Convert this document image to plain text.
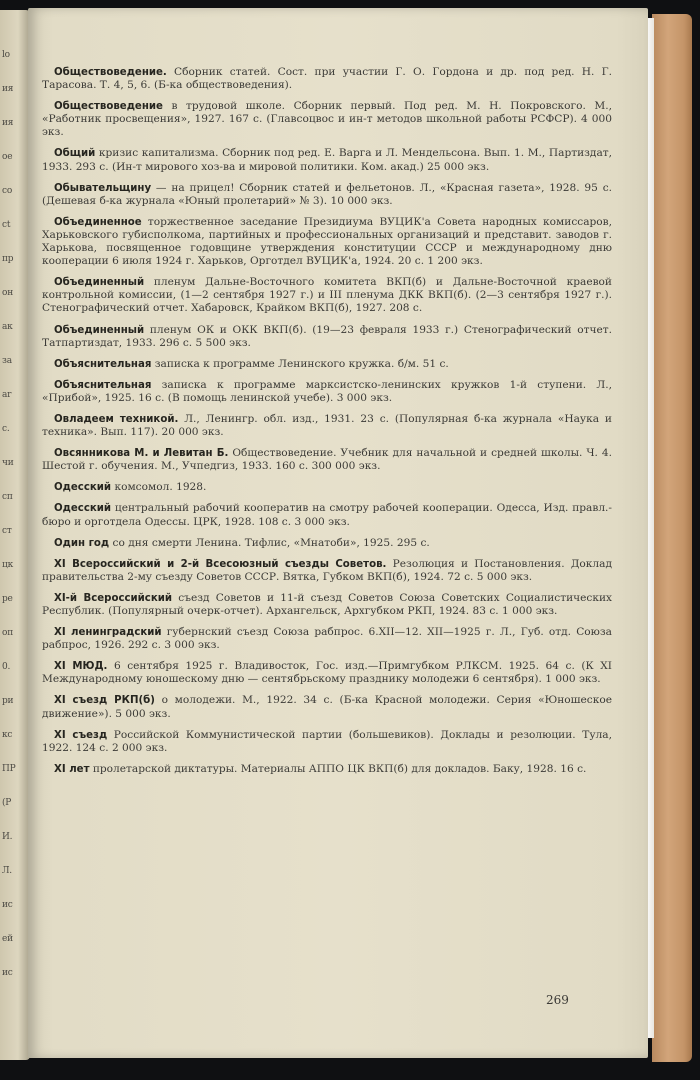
lo
ия
ия
oe
co
ct
пр
он
ак
за
ar
с.
чи
сп
ст
цк
ре
оп
0.
ри
кс
ПР
(Р
И.
Л.
ис
ей
ис

Обществоведение. Сборник статей. Сост. при участии Г. О. Гордона и др. под ред. Н. Г. Тарасова. Т. 4, 5, 6. (Б-ка обществоведения).

Обществоведение в трудовой школе. Сборник первый. Под ред. М. Н. Покровского. М., «Работник просвещения», 1927. 167 с. (Главсоцвос и ин-т методов школьной работы РСФСР). 4 000 экз.

Общий кризис капитализма. Сборник под ред. Е. Варга и Л. Мендельсона. Вып. 1. М., Партиздат, 1933. 293 с. (Ин-т мирового хоз-ва и мировой политики. Ком. акад.) 25 000 экз.

Обывательщину — на прицел! Сборник статей и фельетонов. Л., «Красная газета», 1928. 95 с. (Дешевая б-ка журнала «Юный пролетарий» № 3). 10 000 экз.

Объединенное торжественное заседание Президиума ВУЦИК'а Совета народных комиссаров, Харьковского губисполкома, партийных и профессиональных организаций и представит. заводов г. Харькова, посвященное годовщине утверждения конституции СССР и международному дню кооперации 6 июля 1924 г. Харьков, Орготдел ВУЦИК'а, 1924. 20 с. 1 200 экз.

Объединенный пленум Дальне-Восточного комитета ВКП(б) и Дальне-Восточной краевой контрольной комиссии, (1—2 сентября 1927 г.) и III пленума ДКК ВКП(б). (2—3 сентября 1927 г.). Стенографический отчет. Хабаровск, Крайком ВКП(б), 1927. 208 с.

Объединенный пленум ОК и ОКК ВКП(б). (19—23 февраля 1933 г.) Стенографический отчет. Татпартиздат, 1933. 296 с. 5 500 экз.

Объяснительная записка к программе Ленинского кружка. б/м. 51 с.

Объяснительная записка к программе марксистско-ленинских кружков 1-й ступени. Л., «Прибой», 1925. 16 с. (В помощь ленинской учебе). 3 000 экз.

Овладеем техникой. Л., Ленингр. обл. изд., 1931. 23 с. (Популярная б-ка журнала «Наука и техника». Вып. 117). 20 000 экз.

Овсянникова М. и Левитан Б. Обществоведение. Учебник для начальной и средней школы. Ч. 4. Шестой г. обучения. М., Учпедгиз, 1933. 160 с. 300 000 экз.

Одесский комсомол. 1928.

Одесский центральный рабочий кооператив на смотру рабочей кооперации. Одесса, Изд. правл.-бюро и орготдела Одессы. ЦРК, 1928. 108 с. 3 000 экз.

Один год со дня смерти Ленина. Тифлис, «Мнатоби», 1925. 295 с.

XI Всероссийский и 2-й Всесоюзный съезды Советов. Резолюция и Постановления. Доклад правительства 2-му съезду Советов СССР. Вятка, Губком ВКП(б), 1924. 72 с. 5 000 экз.

XI-й Всероссийский съезд Советов и 11-й съезд Советов Союза Советских Социалистических Республик. (Популярный очерк-отчет). Архангельск, Архгубком РКП, 1924. 83 с. 1 000 экз.

XI ленинградский губернский съезд Союза рабпрос. 6.XII—12. XII—1925 г. Л., Губ. отд. Союза рабпрос, 1926. 292 с. 3 000 экз.

XI МЮД. 6 сентября 1925 г. Владивосток, Гос. изд.—Примгубком РЛКСМ. 1925. 64 с. (К XI Международному юношескому дню — сентябрьскому празднику молодежи 6 сентября). 1 000 экз.

XI съезд РКП(б) о молодежи. М., 1922. 34 с. (Б-ка Красной молодежи. Серия «Юношеское движение»). 5 000 экз.

XI съезд Российской Коммунистической партии (большевиков). Доклады и резолюции. Тула, 1922. 124 с. 2 000 экз.

XI лет пролетарской диктатуры. Материалы АППО ЦК ВКП(б) для докладов. Баку, 1928. 16 с.

269
